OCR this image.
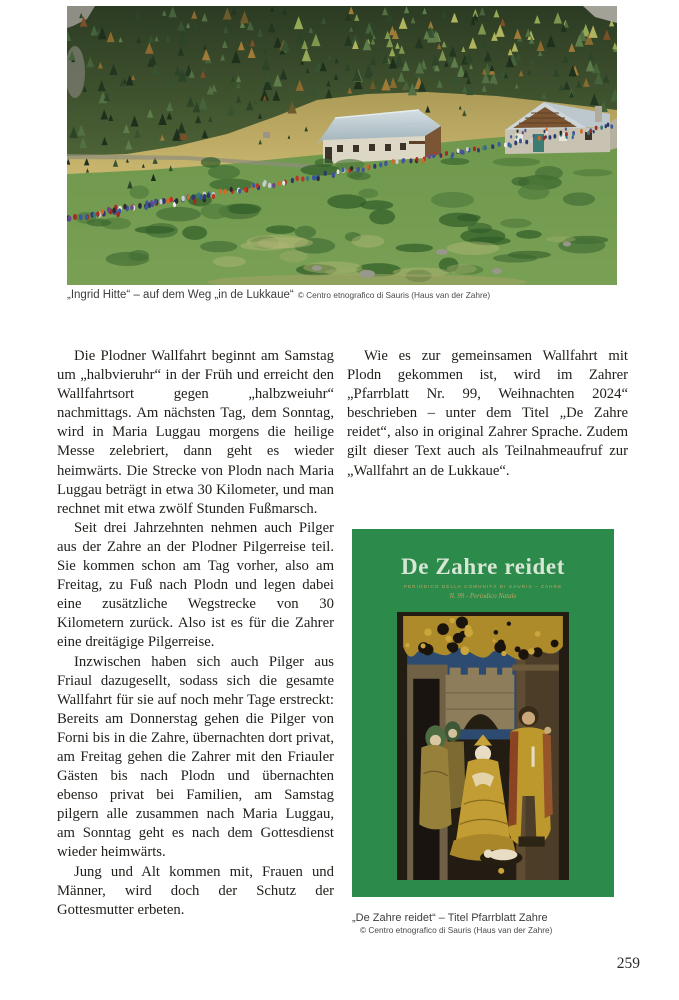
„Ingrid Hitte“ – auf dem Weg „in de Lukkaue“ © Centro etnografico di Sauris (Haus van der Zahre)

Die Plodner Wallfahrt beginnt am Samstag um „halbvieruhr“ in der Früh und erreicht den Wallfahrtsort gegen „halbzweiuhr“ nachmittags. Am nächsten Tag, dem Sonntag, wird in Maria Luggau morgens die heilige Messe zelebriert, dann geht es wieder heimwärts. Die Strecke von Plodn nach Maria Luggau beträgt in etwa 30 Kilometer, und man rechnet mit etwa zwölf Stunden Fußmarsch.

Seit drei Jahrzehnten nehmen auch Pilger aus der Zahre an der Plodner Pilgerreise teil. Sie kommen schon am Tag vorher, also am Freitag, zu Fuß nach Plodn und legen dabei eine zusätzliche Wegstrecke von 30 Kilometern zurück. Also ist es für die Zahrer eine dreitägige Pilgerreise.

Inzwischen haben sich auch Pilger aus Friaul dazugesellt, sodass sich die gesamte Wallfahrt für sie auf noch mehr Tage erstreckt: Bereits am Donnerstag gehen die Pilger von Forni bis in die Zahre, übernachten dort privat, am Freitag gehen die Zahrer mit den Friauler Gästen bis nach Plodn und übernachten ebenso privat bei Familien, am Samstag pilgern alle zusammen nach Maria Luggau, am Sonntag geht es nach dem Gottesdienst wieder heimwärts.

Jung und Alt kommen mit, Frauen und Männer, wird doch der Schutz der Gottesmutter erbeten.

Wie es zur gemeinsamen Wallfahrt mit Plodn gekommen ist, wird im Zahrer „Pfarrblatt Nr. 99, Weihnachten 2024“ beschrieben – unter dem Titel „De Zahre reidet“, also in original Zahrer Sprache. Zudem gilt dieser Text auch als Teilnahmeaufruf zur „Wallfahrt an de Lukkaue“.

De Zahre reidet
PERIODICO DELLA COMUNITÀ DI SAURIS – ZAHRE
N. 99 - Periodico Natale
„De Zahre reidet“ – Titel Pfarrblatt Zahre
© Centro etnografico di Sauris (Haus van der Zahre)
259
